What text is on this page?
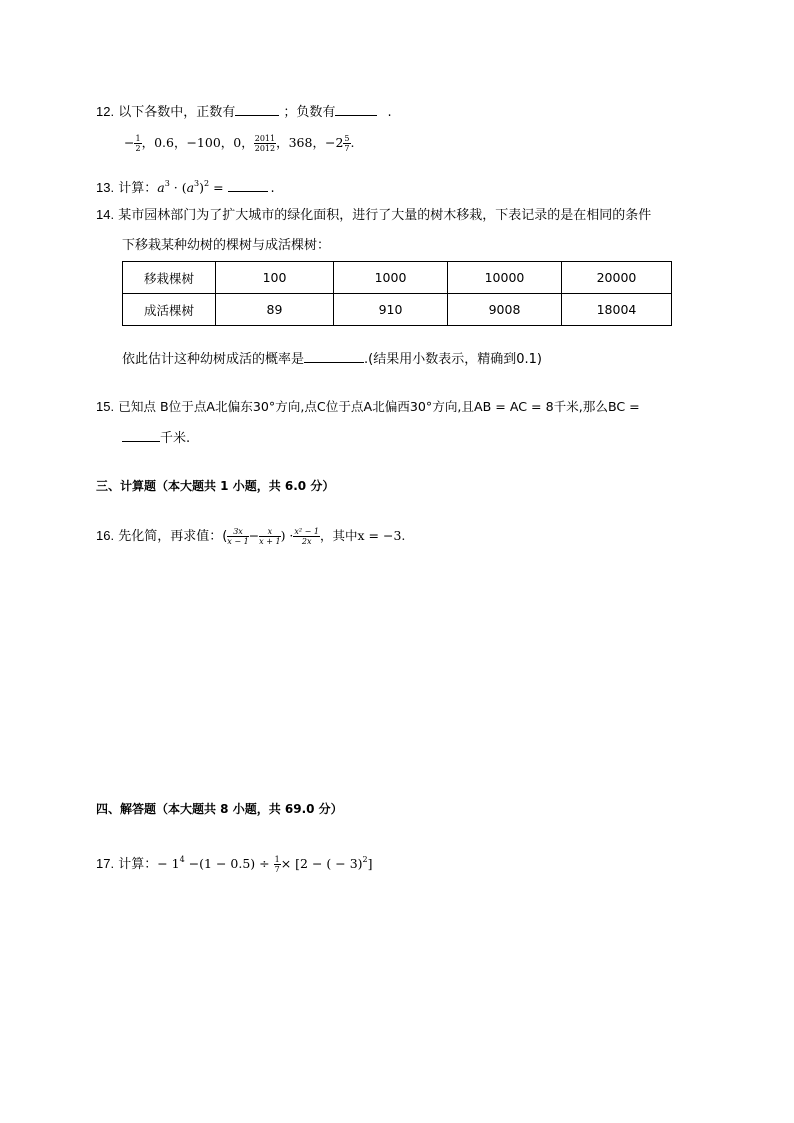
12. 以下各数中，正数有	；负数有	.
− $\frac{1}{2}$ ，0.6，−100，0， $\frac{2011}{2012}$ ，368，$-2 \frac{5}{7}$ .
13. 计算：$a^3 \cdot (a^3)^2$ =	.
14. 某市园林部门为了扩大城市的绿化面积，进行了大量的树木移栽，下表记录的是在相同的条件
下移栽某种幼树的棵树与成活棵树：
移栽棵树	100	1000	10000	20000
成活棵树	89	910	9008	18004
依此估计这种幼树成活的概率是	.(结果用小数表示，精确到0.1)
15. 已知点 B位于点A北偏东30°方向,点C位于点A北偏西30°方向,且AB = AC = 8千米,那么BC =
千米.
三、计算题（本大题共 1 小题，共 6.0 分）
16. 先化简，再求值：( $\frac{3x}{x - 1} - \frac{x}{x + 1}$ ) · $\frac{\text{x² − 1}}{2x}$ ，其中x = −3.
四、解答题（本大题共 8 小题，共 69.0 分）
17. 计算：− $1^4 -(1 - 0.5) \div \frac{1}{7} \times [2$ − ( − 3)$^2$]
